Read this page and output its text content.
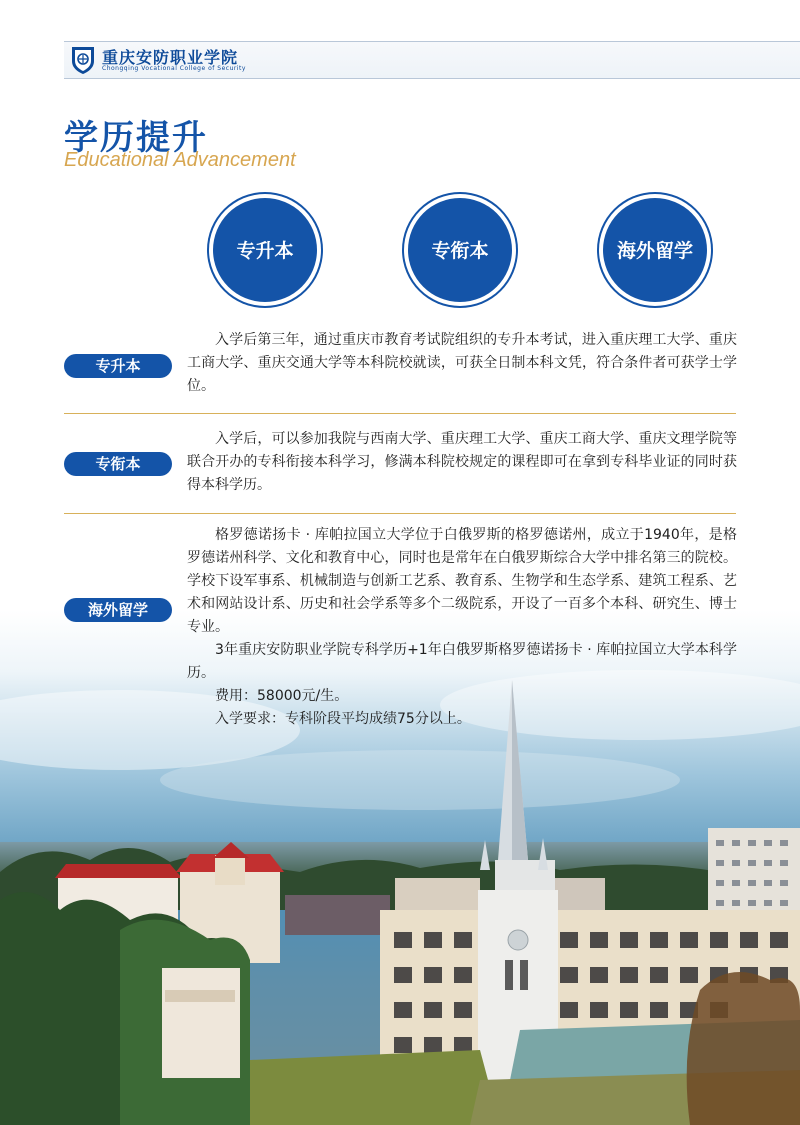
重庆安防职业学院
Chongqing Vocational College of Security
学历提升
Educational Advancement
专升本	专衔本	海外留学
专升本

入学后第三年，通过重庆市教育考试院组织的专升本考试，进入重庆理工大学、重庆工商大学、重庆交通大学等本科院校就读，可获全日制本科文凭，符合条件者可获学士学位。

专衔本

入学后，可以参加我院与西南大学、重庆理工大学、重庆工商大学、重庆文理学院等联合开办的专科衔接本科学习，修满本科院校规定的课程即可在拿到专科毕业证的同时获得本科学历。

海外留学

格罗德诺扬卡 · 库帕拉国立大学位于白俄罗斯的格罗德诺州，成立于1940年，是格罗德诺州科学、文化和教育中心，同时也是常年在白俄罗斯综合大学中排名第三的院校。学校下设军事系、机械制造与创新工艺系、教育系、生物学和生态学系、建筑工程系、艺术和网站设计系、历史和社会学系等多个二级院系，开设了一百多个本科、研究生、博士专业。

3年重庆安防职业学院专科学历+1年白俄罗斯格罗德诺扬卡 · 库帕拉国立大学本科学历。

费用：58000元/生。

入学要求：专科阶段平均成绩75分以上。
